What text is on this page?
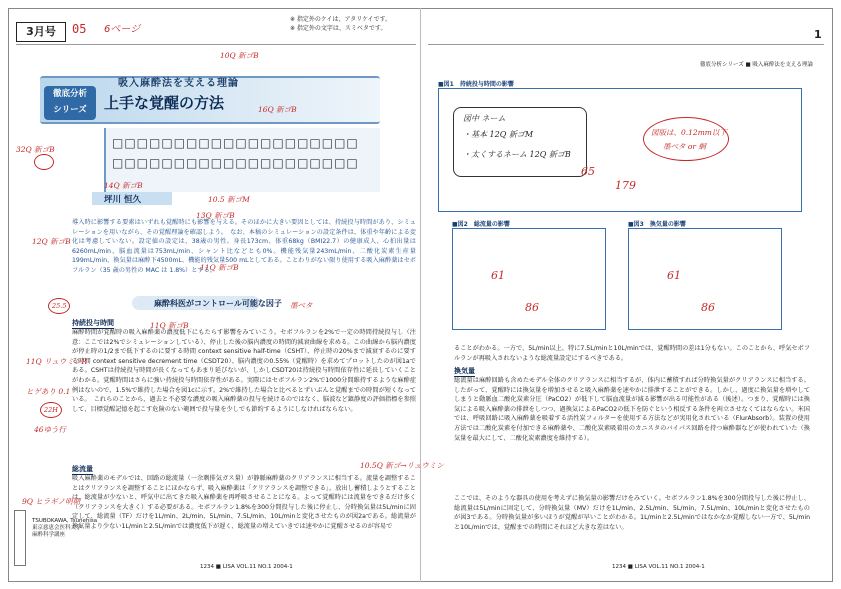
3月号	05 6ページ
※ 指定外のケイは、アタリケイです。
※ 指定外の文字は、スミベタです。
徹底分析
シリーズ
吸入麻酔法を支える理論
上手な覚醒の方法
□□□□□□□□□□□□□□□□□□□□
□□□□□□□□□□□□□□□□□□□□
坪川 恒久
導入時に影響する要素はいずれも覚醒時にも影響を与える。そのほかに大きい要因としては、持続投与時間があり、シミュレーションを用いながら、その覚醒理論を確認しよう。　なお、本稿のシミュレーションの設定条件は、体重や年齢による変化は考慮していない。設定値の設定は、38歳の男性。身長173cm、体重68kg（BMI22.7）の健康成人、心拍出量は6260mL/min、脳血流量は753mL/min、シャント比などとも0%。機能残気量243mL/min、二酸化炭素生産量199mL/min、換気量は麻酔下4500mL、機能的残気量500 mLとしてある。ことわりがない限り使用する吸入麻酔薬はセボフルラン（35 歳の男性の MAC は 1.8%）とする。
麻酔科医がコントロール可能な因子
持続投与時間
麻酔時間が覚醒時の吸入麻酔薬の濃度低下にもたらす影響をみていこう。セボフルランを2%で一定の時間持続投与し（注意：ここでは2%でシミュレーションしている）、停止した後の脳内濃度の時間的減衰曲線を求める。この曲線から脳内濃度が停止時の1/2まで低下するのに要する時間 context sensitive half-time（CSHT）、停止時の20%まで減衰するのに要する時間 context sensitive decrement time（CSDT20）、脳内濃度の0.55%（覚醒時）を求めてプロットしたのが図1aである。CSHTは持続投与時間が長くなってもあまり延びないが、しかしCSDT20は持続投与時間依存性に延長していくことがわかる。覚醒時間はさらに強い持続投与時間依存性がある。実際にはセボフルラン2%で1000分間維持するような麻酔症例はないので、1.5%で維持した場合を図1cに示す。2%で維持した場合と比べるとずいぶんと覚醒までの時間が短くなっている。　これらのことから、過去と不必要な濃度の吸入麻酔薬の投与を続けるのではなく、脳波など鎮静度の評価指標を参照して、目標覚醒記憶を起こす危険のない範囲で投与量を少しでも節約するようにしなければならない。
総流量
吸入麻酔薬のモデルでは、回路の総流量（一余剰排気ガス量）が静脈麻酔薬のクリアランスに相当する。流量を調整することはクリアランスを調整することにほかならず、吸入麻酔薬は「クリアランスを調整できる」。放出し蓄積しようとすることは、総流量が少ないと、呼気中に出てきた吸入麻酔薬を再呼吸させることになる。よって覚醒時には流量をできるだけ多く（クリアランスを大きく）する必要がある。セボフルラン1.8%を300分間投与した後に停止し、分時換気量は5L/minに固定して、総流量（TF）だけを1L/min、2L/min、5L/min、7.5L/min、10L/minと変化させたものが図2aである。総流量が換気量より少ない1L/minと2.5L/minでは濃度低下が遅く、総流量の増えていきでは速やかに覚醒させるのが容易で
32Q 新ゴB
14Q 新ゴB
10.5 新ゴM
13Q 新ゴB
12Q 新ゴB
25.5
11Q 新ゴB
11Q リュウミンR
ヒゲあり 0.1
22H
46ゆう行
9Q ヒラギノ明朝
10Q 新ゴB
16Q 新ゴB
墨ベタ
10.5Q 新ゴ→リュウミン
11Q 新ゴB
TSUBOKAWA, Tsunehisa
東京慈恵会医科大学
麻酔科学講座
1234 ■ LISA VOL.11 NO.1 2004-1	1234 ■ LISA VOL.11 NO.1 2004-1
徹底分析シリーズ ■ 吸入麻酔法を支える理論
1
■図1　持続投与時間の影響
図中 ネーム
・基本 12Q 新ゴM
・太くするネーム 12Q 新ゴB
図版は、0.12mm以下
墨ベタ or 網
65
179
■図2　総流量の影響
61
86
■図3　換気量の影響
61
86
ることがわかる。一方で、5L/min以上、特に7.5L/minと10L/minでは、覚醒時間の差は1分もない。このことから、呼気セボフルランが再吸入されないような総流量設定にするべきである。
換気量
総流量は麻酔回路も含めたモデル全体のクリアランスに相当するが、体内に蓄積すれば分時換気量がクリアランスに相当する。したがって、覚醒時には換気量を増加させると吸入麻酔薬を速やかに排泄することができる。しかし、過度に換気量を増やしてしまうと動脈血二酸化炭素分圧（PaCO2）が低下して脳血流量が減る影響が出る可能性がある（後述）。つまり、覚醒時には換気による吸入麻酔薬の排泄をしつつ、過換気によるPaCO2の低下を防ぐという相反する条件を両立させなくてはならない。米国では、呼吸回路に吸入麻酔薬を吸着する活性炭フィルターを使用する方法などが実用化されている（FlurAbsorb）。装置の使用方法では二酸化炭素を付加できる麻酔薬や、二酸化炭素吸着用のカニスタのバイパス回路を持つ麻酔器などが使われていた（換気量を最大にして、二酸化炭素濃度を維持する）。
ここでは、そのような器具の使用を考えずに換気量の影響だけをみていく。セボフルラン1.8%を300分間投与した後に停止し、総流量は5L/minに固定して、分時換気量（MV）だけを1L/min、2.5L/min、5L/min、7.5L/min、10L/minと変化させたものが図3である。分時換気量が多いほうが覚醒が早いことがわかる。1L/minと2.5L/minではなかなか覚醒しない一方で、5L/minと10L/minでは、覚醒までの時間にそれほど大きな差はない。
